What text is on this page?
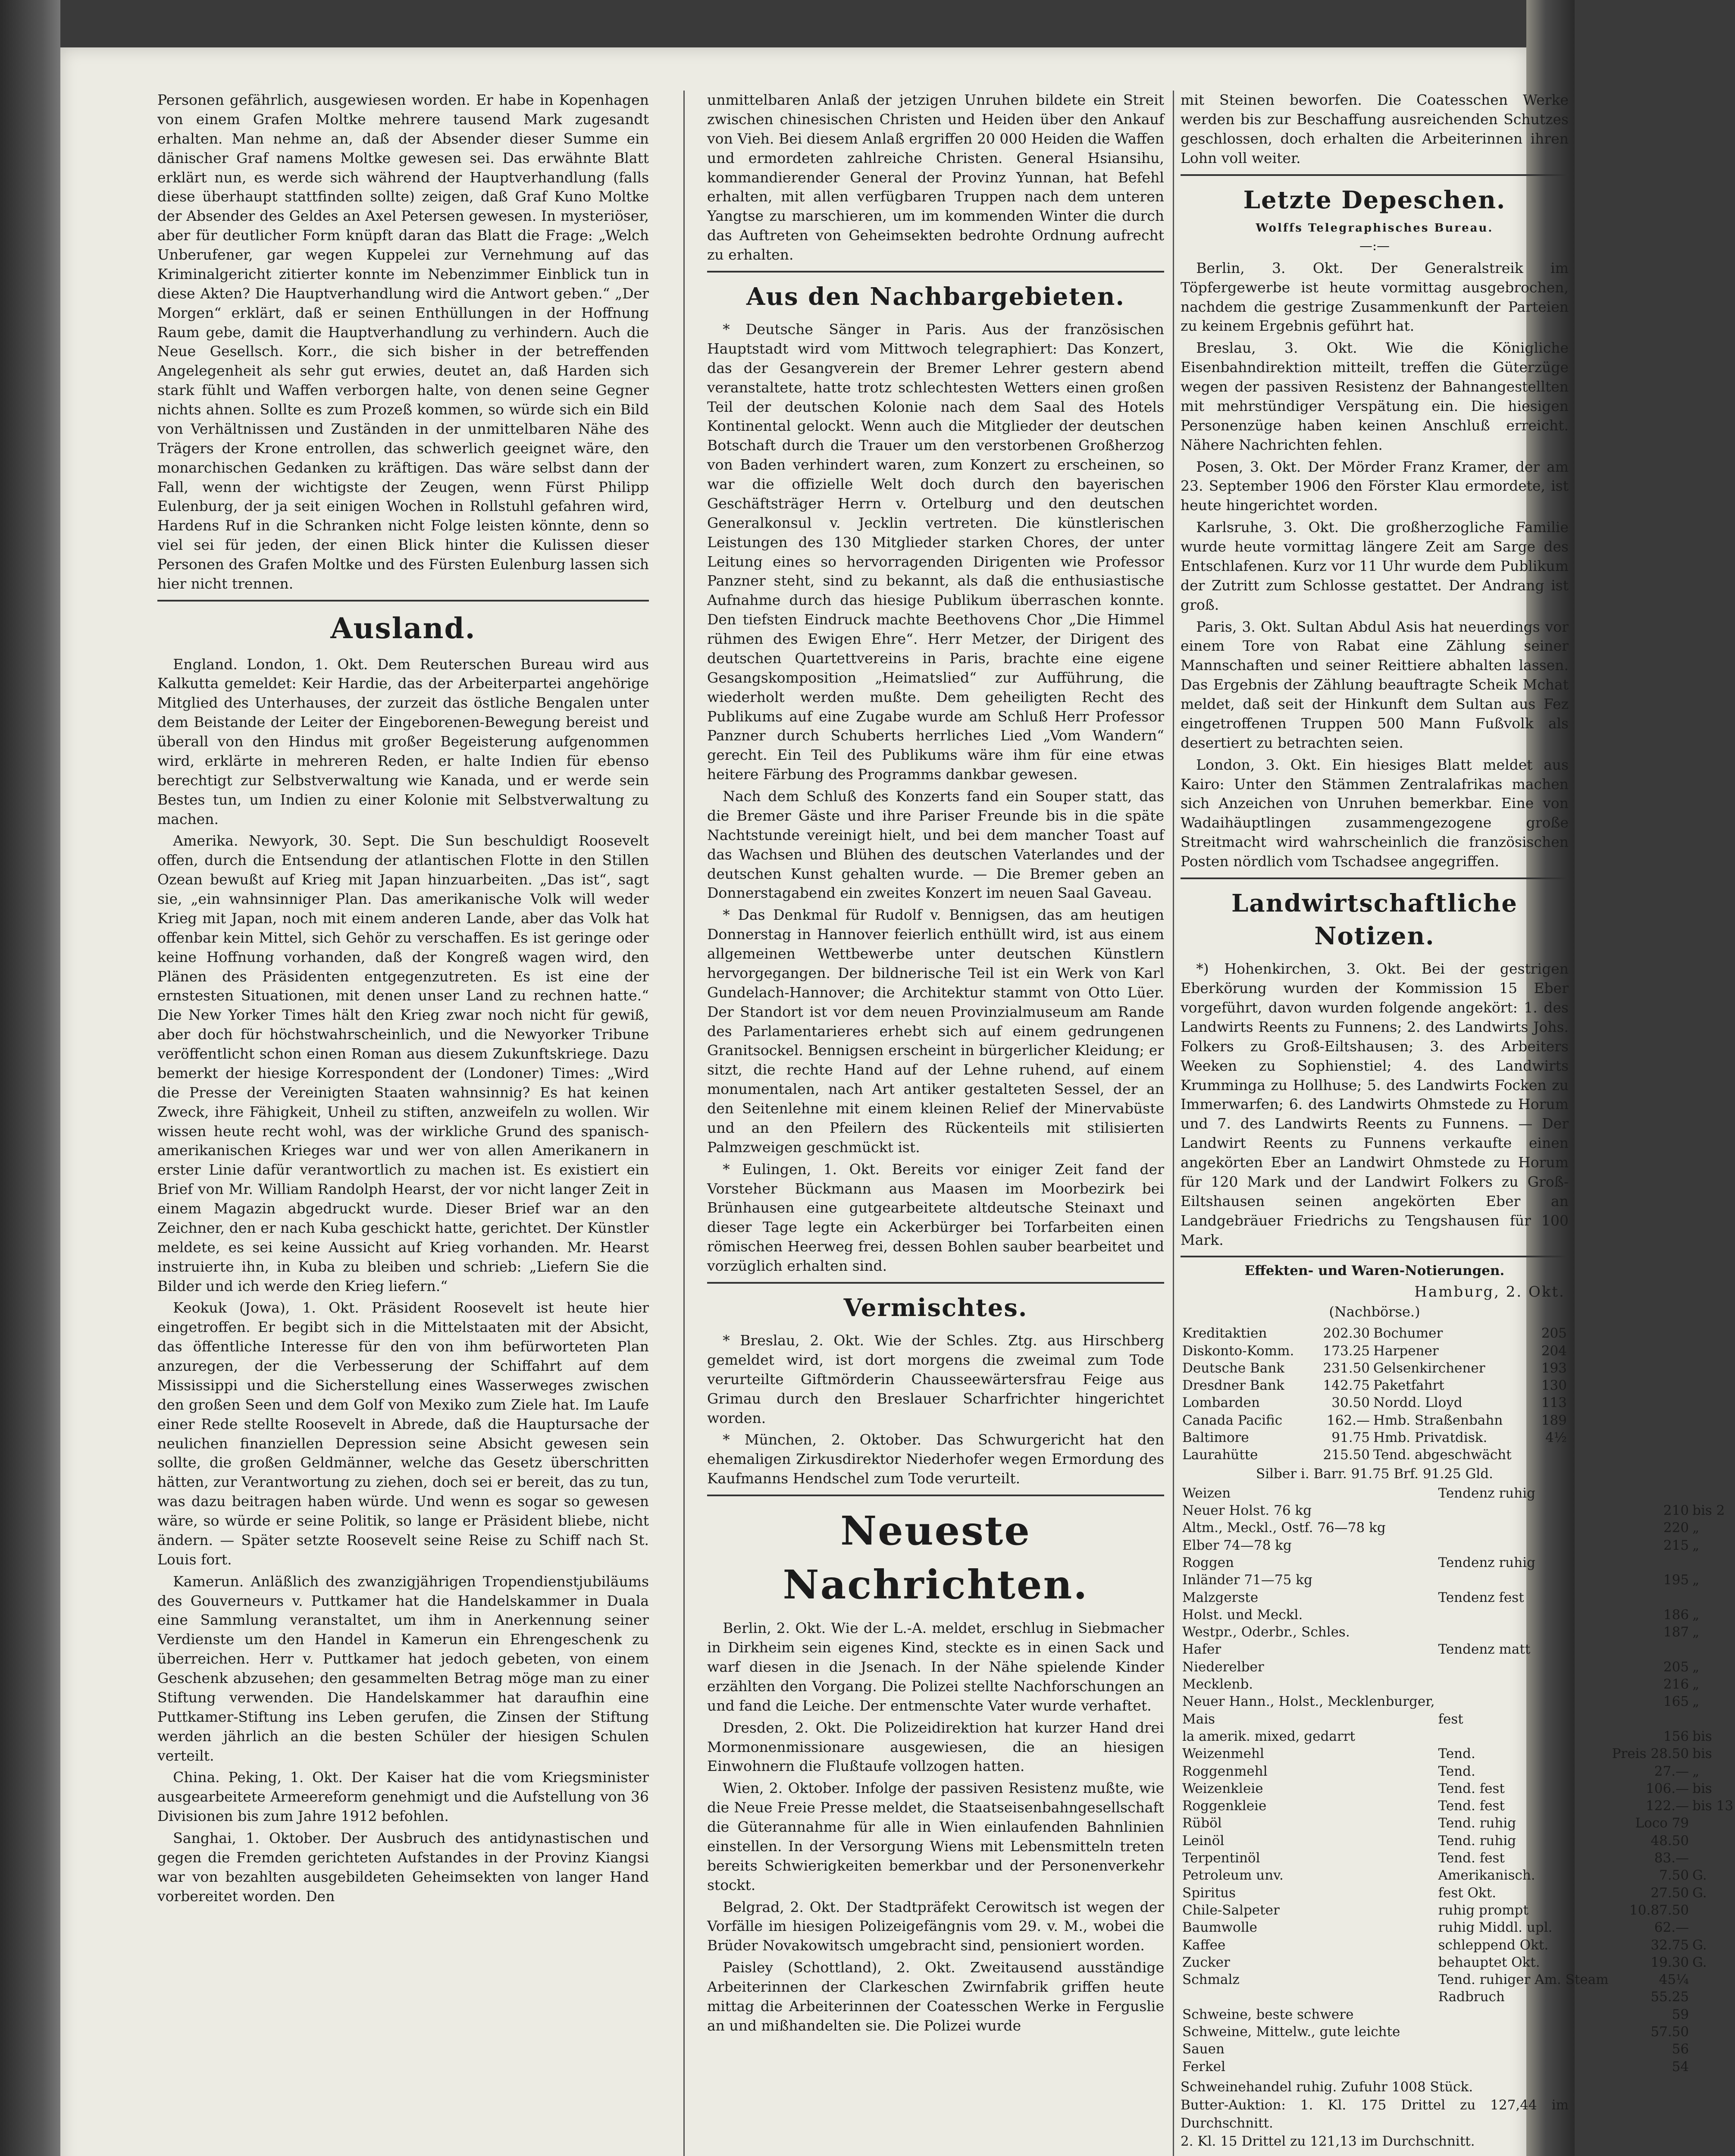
Personen gefährlich, ausgewiesen worden. Er habe in Kopenhagen von einem Grafen Moltke mehrere tausend Mark zugesandt erhalten. Man nehme an, daß der Absender dieser Summe ein dänischer Graf namens Moltke gewesen sei. Das erwähnte Blatt erklärt nun, es werde sich während der Hauptverhandlung (falls diese überhaupt stattfinden sollte) zeigen, daß Graf Kuno Moltke der Absender des Geldes an Axel Petersen gewesen. In mysteriöser, aber für deutlicher Form knüpft daran das Blatt die Frage: „Welch Unberufener, gar wegen Kuppelei zur Vernehmung auf das Kriminalgericht zitierter konnte im Nebenzimmer Einblick tun in diese Akten? Die Hauptverhandlung wird die Antwort geben.“ „Der Morgen“ erklärt, daß er seinen Enthüllungen in der Hoffnung Raum gebe, damit die Hauptverhandlung zu verhindern. Auch die Neue Gesellsch. Korr., die sich bisher in der betreffenden Angelegenheit als sehr gut erwies, deutet an, daß Harden sich stark fühlt und Waffen verborgen halte, von denen seine Gegner nichts ahnen. Sollte es zum Prozeß kommen, so würde sich ein Bild von Verhältnissen und Zuständen in der unmittelbaren Nähe des Trägers der Krone entrollen, das schwerlich geeignet wäre, den monarchischen Gedanken zu kräftigen. Das wäre selbst dann der Fall, wenn der wichtigste der Zeugen, wenn Fürst Philipp Eulenburg, der ja seit einigen Wochen in Rollstuhl gefahren wird, Hardens Ruf in die Schranken nicht Folge leisten könnte, denn so viel sei für jeden, der einen Blick hinter die Kulissen dieser Personen des Grafen Moltke und des Fürsten Eulenburg lassen sich hier nicht trennen.

Ausland.

England. London, 1. Okt. Dem Reuterschen Bureau wird aus Kalkutta gemeldet: Keir Hardie, das der Arbeiterpartei angehörige Mitglied des Unterhauses, der zurzeit das östliche Bengalen unter dem Beistande der Leiter der Eingeborenen-Bewegung bereist und überall von den Hindus mit großer Begeisterung aufgenommen wird, erklärte in mehreren Reden, er halte Indien für ebenso berechtigt zur Selbstverwaltung wie Kanada, und er werde sein Bestes tun, um Indien zu einer Kolonie mit Selbstverwaltung zu machen.

Amerika. Newyork, 30. Sept. Die Sun beschuldigt Roosevelt offen, durch die Entsendung der atlantischen Flotte in den Stillen Ozean bewußt auf Krieg mit Japan hinzuarbeiten. „Das ist“, sagt sie, „ein wahnsinniger Plan. Das amerikanische Volk will weder Krieg mit Japan, noch mit einem anderen Lande, aber das Volk hat offenbar kein Mittel, sich Gehör zu verschaffen. Es ist geringe oder keine Hoffnung vorhanden, daß der Kongreß wagen wird, den Plänen des Präsidenten entgegenzutreten. Es ist eine der ernstesten Situationen, mit denen unser Land zu rechnen hatte.“ Die New Yorker Times hält den Krieg zwar noch nicht für gewiß, aber doch für höchstwahrscheinlich, und die Newyorker Tribune veröffentlicht schon einen Roman aus diesem Zukunftskriege. Dazu bemerkt der hiesige Korrespondent der (Londoner) Times: „Wird die Presse der Vereinigten Staaten wahnsinnig? Es hat keinen Zweck, ihre Fähigkeit, Unheil zu stiften, anzweifeln zu wollen. Wir wissen heute recht wohl, was der wirkliche Grund des spanisch-amerikanischen Krieges war und wer von allen Amerikanern in erster Linie dafür verantwortlich zu machen ist. Es existiert ein Brief von Mr. William Randolph Hearst, der vor nicht langer Zeit in einem Magazin abgedruckt wurde. Dieser Brief war an den Zeichner, den er nach Kuba geschickt hatte, gerichtet. Der Künstler meldete, es sei keine Aussicht auf Krieg vorhanden. Mr. Hearst instruierte ihn, in Kuba zu bleiben und schrieb: „Liefern Sie die Bilder und ich werde den Krieg liefern.“

Keokuk (Jowa), 1. Okt. Präsident Roosevelt ist heute hier eingetroffen. Er begibt sich in die Mittelstaaten mit der Absicht, das öffentliche Interesse für den von ihm befürworteten Plan anzuregen, der die Verbesserung der Schiffahrt auf dem Mississippi und die Sicherstellung eines Wasserweges zwischen den großen Seen und dem Golf von Mexiko zum Ziele hat. Im Laufe einer Rede stellte Roosevelt in Abrede, daß die Hauptursache der neulichen finanziellen Depression seine Absicht gewesen sein sollte, die großen Geldmänner, welche das Gesetz überschritten hätten, zur Verantwortung zu ziehen, doch sei er bereit, das zu tun, was dazu beitragen haben würde. Und wenn es sogar so gewesen wäre, so würde er seine Politik, so lange er Präsident bliebe, nicht ändern. — Später setzte Roosevelt seine Reise zu Schiff nach St. Louis fort.

Kamerun. Anläßlich des zwanzigjährigen Tropendienstjubiläums des Gouverneurs v. Puttkamer hat die Handelskammer in Duala eine Sammlung veranstaltet, um ihm in Anerkennung seiner Verdienste um den Handel in Kamerun ein Ehrengeschenk zu überreichen. Herr v. Puttkamer hat jedoch gebeten, von einem Geschenk abzusehen; den gesammelten Betrag möge man zu einer Stiftung verwenden. Die Handelskammer hat daraufhin eine Puttkamer-Stiftung ins Leben gerufen, die Zinsen der Stiftung werden jährlich an die besten Schüler der hiesigen Schulen verteilt.

China. Peking, 1. Okt. Der Kaiser hat die vom Kriegsminister ausgearbeitete Armeereform genehmigt und die Aufstellung von 36 Divisionen bis zum Jahre 1912 befohlen.

Sanghai, 1. Oktober. Der Ausbruch des antidynastischen und gegen die Fremden gerichteten Aufstandes in der Provinz Kiangsi war von bezahlten ausgebildeten Geheimsekten von langer Hand vorbereitet worden. Den

unmittelbaren Anlaß der jetzigen Unruhen bildete ein Streit zwischen chinesischen Christen und Heiden über den Ankauf von Vieh. Bei diesem Anlaß ergriffen 20 000 Heiden die Waffen und ermordeten zahlreiche Christen. General Hsiansihu, kommandierender General der Provinz Yunnan, hat Befehl erhalten, mit allen verfügbaren Truppen nach dem unteren Yangtse zu marschieren, um im kommenden Winter die durch das Auftreten von Geheimsekten bedrohte Ordnung aufrecht zu erhalten.

Aus den Nachbargebieten.

* Deutsche Sänger in Paris. Aus der französischen Hauptstadt wird vom Mittwoch telegraphiert: Das Konzert, das der Gesangverein der Bremer Lehrer gestern abend veranstaltete, hatte trotz schlechtesten Wetters einen großen Teil der deutschen Kolonie nach dem Saal des Hotels Kontinental gelockt. Wenn auch die Mitglieder der deutschen Botschaft durch die Trauer um den verstorbenen Großherzog von Baden verhindert waren, zum Konzert zu erscheinen, so war die offizielle Welt doch durch den bayerischen Geschäftsträger Herrn v. Ortelburg und den deutschen Generalkonsul v. Jecklin vertreten. Die künstlerischen Leistungen des 130 Mitglieder starken Chores, der unter Leitung eines so hervorragenden Dirigenten wie Professor Panzner steht, sind zu bekannt, als daß die enthusiastische Aufnahme durch das hiesige Publikum überraschen konnte. Den tiefsten Eindruck machte Beethovens Chor „Die Himmel rühmen des Ewigen Ehre“. Herr Metzer, der Dirigent des deutschen Quartettvereins in Paris, brachte eine eigene Gesangskomposition „Heimatslied“ zur Aufführung, die wiederholt werden mußte. Dem geheiligten Recht des Publikums auf eine Zugabe wurde am Schluß Herr Professor Panzner durch Schuberts herrliches Lied „Vom Wandern“ gerecht. Ein Teil des Publikums wäre ihm für eine etwas heitere Färbung des Programms dankbar gewesen.

Nach dem Schluß des Konzerts fand ein Souper statt, das die Bremer Gäste und ihre Pariser Freunde bis in die späte Nachtstunde vereinigt hielt, und bei dem mancher Toast auf das Wachsen und Blühen des deutschen Vaterlandes und der deutschen Kunst gehalten wurde. — Die Bremer geben an Donnerstagabend ein zweites Konzert im neuen Saal Gaveau.

* Das Denkmal für Rudolf v. Bennigsen, das am heutigen Donnerstag in Hannover feierlich enthüllt wird, ist aus einem allgemeinen Wettbewerbe unter deutschen Künstlern hervorgegangen. Der bildnerische Teil ist ein Werk von Karl Gundelach-Hannover; die Architektur stammt von Otto Lüer. Der Standort ist vor dem neuen Provinzialmuseum am Rande des Parlamentarieres erhebt sich auf einem gedrungenen Granitsockel. Bennigsen erscheint in bürgerlicher Kleidung; er sitzt, die rechte Hand auf der Lehne ruhend, auf einem monumentalen, nach Art antiker gestalteten Sessel, der an den Seitenlehne mit einem kleinen Relief der Minervabüste und an den Pfeilern des Rückenteils mit stilisierten Palmzweigen geschmückt ist.

* Eulingen, 1. Okt. Bereits vor einiger Zeit fand der Vorsteher Bückmann aus Maasen im Moorbezirk bei Brünhausen eine gutgearbeitete altdeutsche Steinaxt und dieser Tage legte ein Ackerbürger bei Torfarbeiten einen römischen Heerweg frei, dessen Bohlen sauber bearbeitet und vorzüglich erhalten sind.

Vermischtes.

* Breslau, 2. Okt. Wie der Schles. Ztg. aus Hirschberg gemeldet wird, ist dort morgens die zweimal zum Tode verurteilte Giftmörderin Chausseewärtersfrau Feige aus Grimau durch den Breslauer Scharfrichter hingerichtet worden.

* München, 2. Oktober. Das Schwurgericht hat den ehemaligen Zirkusdirektor Niederhofer wegen Ermordung des Kaufmanns Hendschel zum Tode verurteilt.

Neueste Nachrichten.

Berlin, 2. Okt. Wie der L.-A. meldet, erschlug in Siebmacher in Dirkheim sein eigenes Kind, steckte es in einen Sack und warf diesen in die Jsenach. In der Nähe spielende Kinder erzählten den Vorgang. Die Polizei stellte Nachforschungen an und fand die Leiche. Der entmenschte Vater wurde verhaftet.

Dresden, 2. Okt. Die Polizeidirektion hat kurzer Hand drei Mormonenmissionare ausgewiesen, die an hiesigen Einwohnern die Flußtaufe vollzogen hatten.

Wien, 2. Oktober. Infolge der passiven Resistenz mußte, wie die Neue Freie Presse meldet, die Staatseisenbahngesellschaft die Güterannahme für alle in Wien einlaufenden Bahnlinien einstellen. In der Versorgung Wiens mit Lebensmitteln treten bereits Schwierigkeiten bemerkbar und der Personenverkehr stockt.

Belgrad, 2. Okt. Der Stadtpräfekt Cerowitsch ist wegen der Vorfälle im hiesigen Polizeigefängnis vom 29. v. M., wobei die Brüder Novakowitsch umgebracht sind, pensioniert worden.

Paisley (Schottland), 2. Okt. Zweitausend ausständige Arbeiterinnen der Clarkeschen Zwirnfabrik griffen heute mittag die Arbeiterinnen der Coatesschen Werke in Ferguslie an und mißhandelten sie. Die Polizei wurde

mit Steinen beworfen. Die Coatesschen Werke werden bis zur Beschaffung ausreichenden Schutzes geschlossen, doch erhalten die Arbeiterinnen ihren Lohn voll weiter.

Letzte Depeschen.
Wolffs Telegraphisches Bureau.
—:—

Berlin, 3. Okt. Der Generalstreik im Töpfergewerbe ist heute vormittag ausgebrochen, nachdem die gestrige Zusammenkunft der Parteien zu keinem Ergebnis geführt hat.

Breslau, 3. Okt. Wie die Königliche Eisenbahndirektion mitteilt, treffen die Güterzüge wegen der passiven Resistenz der Bahnangestellten mit mehrstündiger Verspätung ein. Die hiesigen Personenzüge haben keinen Anschluß erreicht. Nähere Nachrichten fehlen.

Posen, 3. Okt. Der Mörder Franz Kramer, der am 23. September 1906 den Förster Klau ermordete, ist heute hingerichtet worden.

Karlsruhe, 3. Okt. Die großherzogliche Familie wurde heute vormittag längere Zeit am Sarge des Entschlafenen. Kurz vor 11 Uhr wurde dem Publikum der Zutritt zum Schlosse gestattet. Der Andrang ist groß.

Paris, 3. Okt. Sultan Abdul Asis hat neuerdings vor einem Tore von Rabat eine Zählung seiner Mannschaften und seiner Reittiere abhalten lassen. Das Ergebnis der Zählung beauftragte Scheik Mchat meldet, daß seit der Hinkunft dem Sultan aus Fez eingetroffenen Truppen 500 Mann Fußvolk als desertiert zu betrachten seien.

London, 3. Okt. Ein hiesiges Blatt meldet aus Kairo: Unter den Stämmen Zentralafrikas machen sich Anzeichen von Unruhen bemerkbar. Eine von Wadaihäuptlingen zusammengezogene große Streitmacht wird wahrscheinlich die französischen Posten nördlich vom Tschadsee angegriffen.

Landwirtschaftliche Notizen.

*) Hohenkirchen, 3. Okt. Bei der gestrigen Eberkörung wurden der Kommission 15 Eber vorgeführt, davon wurden folgende angekört: 1. des Landwirts Reents zu Funnens; 2. des Landwirts Johs. Folkers zu Groß-Eiltshausen; 3. des Arbeiters Weeken zu Sophienstiel; 4. des Landwirts Krumminga zu Hollhuse; 5. des Landwirts Focken zu Immerwarfen; 6. des Landwirts Ohmstede zu Horum und 7. des Landwirts Reents zu Funnens. — Der Landwirt Reents zu Funnens verkaufte einen angekörten Eber an Landwirt Ohmstede zu Horum für 120 Mark und der Landwirt Folkers zu Groß-Eiltshausen seinen angekörten Eber an Landgebräuer Friedrichs zu Tengshausen für 100 Mark.

Effekten- und Waren-Notierungen.
Hamburg, 2. Okt.
(Nachbörse.)
Kreditaktien	202.30	Bochumer	205
Diskonto-Komm.	173.25	Harpener	204
Deutsche Bank	231.50	Gelsenkirchener	193
Dresdner Bank	142.75	Paketfahrt	130
Lombarden	30.50	Nordd. Lloyd	113
Canada Pacific	162.—	Hmb. Straßenbahn	189
Baltimore	91.75	Hmb. Privatdisk.	4½
Laurahütte	215.50	Tend. abgeschwächt	
Silber i. Barr. 91.75 Brf. 91.25 Gld.
Weizen	Tendenz ruhig		
Neuer Holst. 76 kg		210	bis 2
Altm., Meckl., Ostf. 76—78 kg		220	„
Elber 74—78 kg		215	„
Roggen	Tendenz ruhig		
Inländer 71—75 kg		195	„
Malzgerste	Tendenz fest		
Holst. und Meckl.		186	„
Westpr., Oderbr., Schles.		187	„
Hafer	Tendenz matt		
Niederelber		205	„
Mecklenb.		216	„
Neuer Hann., Holst., Mecklenburger,		165	„
Mais	fest		
la amerik. mixed, gedarrt		156	bis
Weizenmehl	Tend.	Preis 28.50	bis
Roggenmehl	Tend.	27.—	„
Weizenkleie	Tend. fest	106.—	bis
Roggenkleie	Tend. fest	122.—	bis 13
Rüböl	Tend. ruhig	Loco 79	
Leinöl	Tend. ruhig	48.50	
Terpentinöl	Tend. fest	83.—	
Petroleum unv.	Amerikanisch.	7.50	G.
Spiritus	fest Okt.	27.50	G.
Chile-Salpeter	ruhig prompt	10.87.50	
Baumwolle	ruhig Middl. upl.	62.—	
Kaffee	schleppend Okt.	32.75	G.
Zucker	behauptet Okt.	19.30	G.
Schmalz	Tend. ruhiger Am. Steam	45¼	
	Radbruch	55.25	
Schweine, beste schwere		59	
Schweine, Mittelw., gute leichte		57.50	
Sauen		56	
Ferkel		54	
Schweinehandel ruhig. Zufuhr 1008 Stück.
Butter-Auktion: 1. Kl. 175 Drittel zu 127,44 im Durchschnitt.
2. Kl. 15 Drittel zu 121,13 im Durchschnitt.
